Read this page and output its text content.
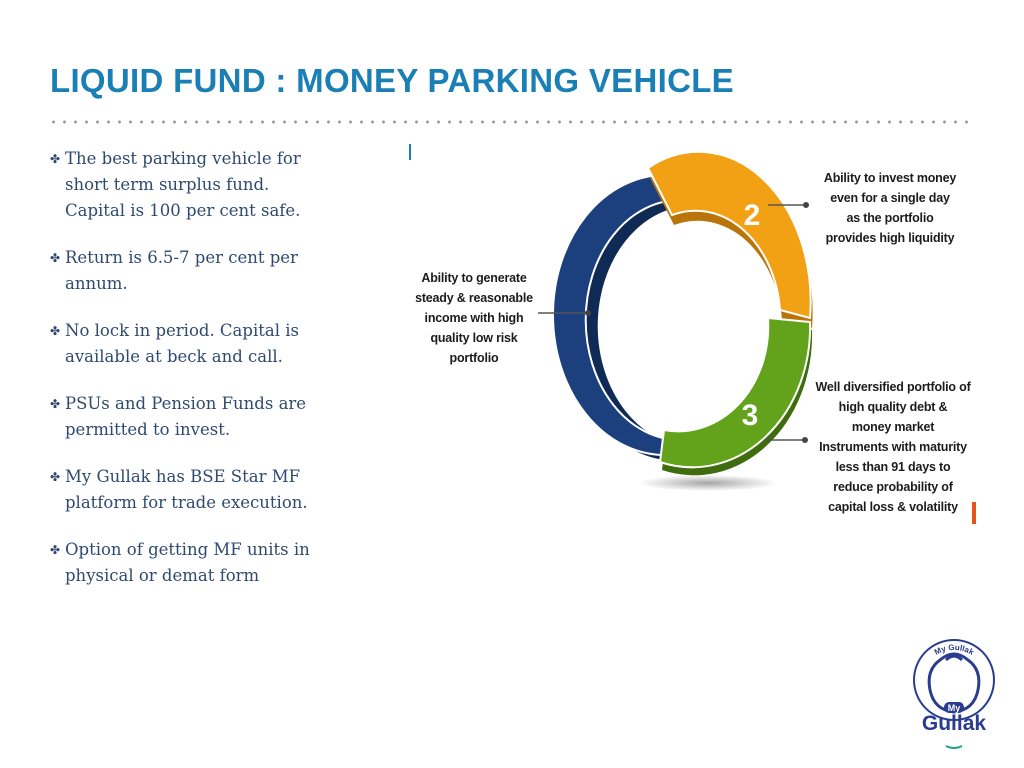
LIQUID FUND : MONEY PARKING VEHICLE
✤ The best parking vehicle for
short term surplus fund.
Capital is 100 per cent safe.
✤ Return is 6.5-7 per cent per
annum.
✤ No lock in period. Capital is
available at beck and call.
✤ PSUs and Pension Funds are
permitted to invest.
✤ My Gullak has BSE Star MF
platform for trade execution.
✤ Option of getting MF units in
physical or demat form
1
2
3
Ability to generate
steady & reasonable
income with high
quality low risk
portfolio
Ability to invest money
even for a single day
as the portfolio
provides high liquidity
Well diversified portfolio of
high quality debt &
money market
Instruments with maturity
less than 91 days to
reduce probability of
capital loss & volatility
My Gullak
My
Gullak
